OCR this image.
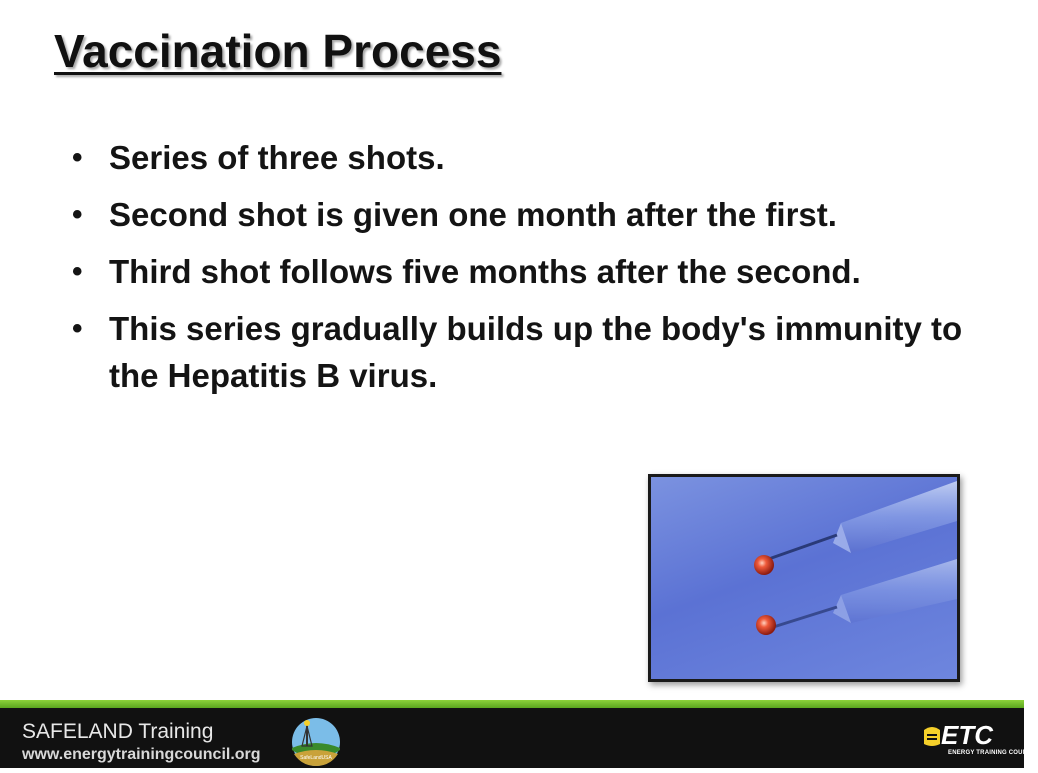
Vaccination Process
• Series of three shots.
• Second shot is given one month after the first.
• Third shot follows five months after the second.
• This series gradually builds up the body's immunity to the Hepatitis B virus.
SAFELAND Training
www.energytrainingcouncil.org	SafeLandUSA
ETC
ENERGY TRAINING COUNCIL
